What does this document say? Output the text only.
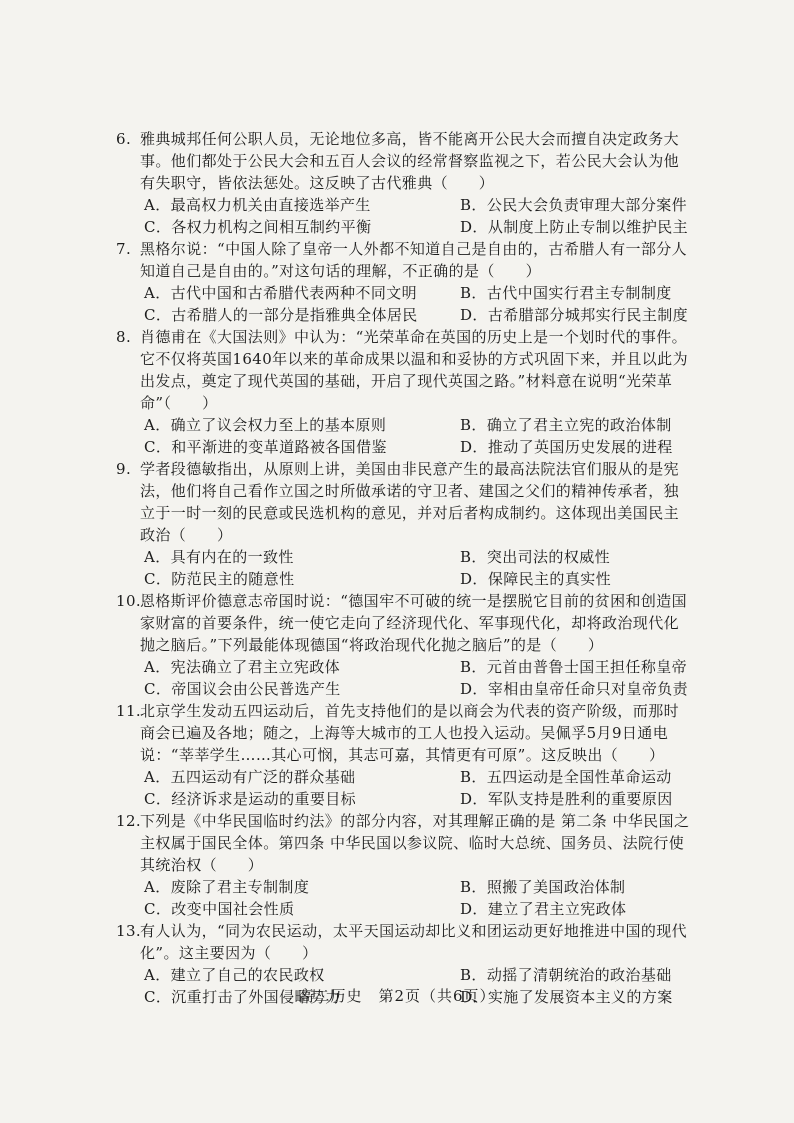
6. 雅典城邦任何公职人员，无论地位多高，皆不能离开公民大会而擅自决定政务大事。他们都处于公民大会和五百人会议的经常督察监视之下，若公民大会认为他有失职守，皆依法惩处。这反映了古代雅典（　　）

A．最高权力机关由直接选举产生	B．公民大会负责审理大部分案件
C．各权力机构之间相互制约平衡	D．从制度上防止专制以维护民主

7. 黑格尔说：“中国人除了皇帝一人外都不知道自己是自由的，古希腊人有一部分人知道自己是自由的。”对这句话的理解，不正确的是（　　）

A．古代中国和古希腊代表两种不同文明	B．古代中国实行君主专制制度
C．古希腊人的一部分是指雅典全体居民	D．古希腊部分城邦实行民主制度

8. 肖德甫在《大国法则》中认为：“光荣革命在英国的历史上是一个划时代的事件。它不仅将英国1640年以来的革命成果以温和和妥协的方式巩固下来，并且以此为出发点，奠定了现代英国的基础，开启了现代英国之路。”材料意在说明“光荣革命”（　　）

A．确立了议会权力至上的基本原则	B．确立了君主立宪的政治体制
C．和平渐进的变革道路被各国借鉴	D．推动了英国历史发展的进程

9. 学者段德敏指出，从原则上讲，美国由非民意产生的最高法院法官们服从的是宪法，他们将自己看作立国之时所做承诺的守卫者、建国之父们的精神传承者，独立于一时一刻的民意或民选机构的意见，并对后者构成制约。这体现出美国民主政治（　　）

A．具有内在的一致性	B．突出司法的权威性
C．防范民主的随意性	D．保障民主的真实性

10.恩格斯评价德意志帝国时说：“德国牢不可破的统一是摆脱它目前的贫困和创造国家财富的首要条件，统一使它走向了经济现代化、军事现代化，却将政治现代化抛之脑后。”下列最能体现德国“将政治现代化抛之脑后”的是（　　）

A．宪法确立了君主立宪政体	B．元首由普鲁士国王担任称皇帝
C．帝国议会由公民普选产生	D．宰相由皇帝任命只对皇帝负责

11.北京学生发动五四运动后，首先支持他们的是以商会为代表的资产阶级，而那时商会已遍及各地；随之，上海等大城市的工人也投入运动。吴佩孚5月9日通电说：“莘莘学生……其心可悯，其志可嘉，其情更有可原”。这反映出（　　）

A．五四运动有广泛的群众基础	B．五四运动是全国性革命运动
C．经济诉求是运动的重要目标	D．军队支持是胜利的重要原因

12.下列是《中华民国临时约法》的部分内容，对其理解正确的是 第二条 中华民国之主权属于国民全体。第四条 中华民国以参议院、临时大总统、国务员、法院行使其统治权（　　）

A．废除了君主专制制度	B．照搬了美国政治体制
C．改变中国社会性质	D．建立了君主立宪政体

13.有人认为，“同为农民运动，太平天国运动却比义和团运动更好地推进中国的现代化”。这主要因为（　　）

A．建立了自己的农民政权	B．动摇了清朝统治的政治基础
C．沉重打击了外国侵略势力	D．实施了发展资本主义的方案
高二历史　第2页（共6页）
